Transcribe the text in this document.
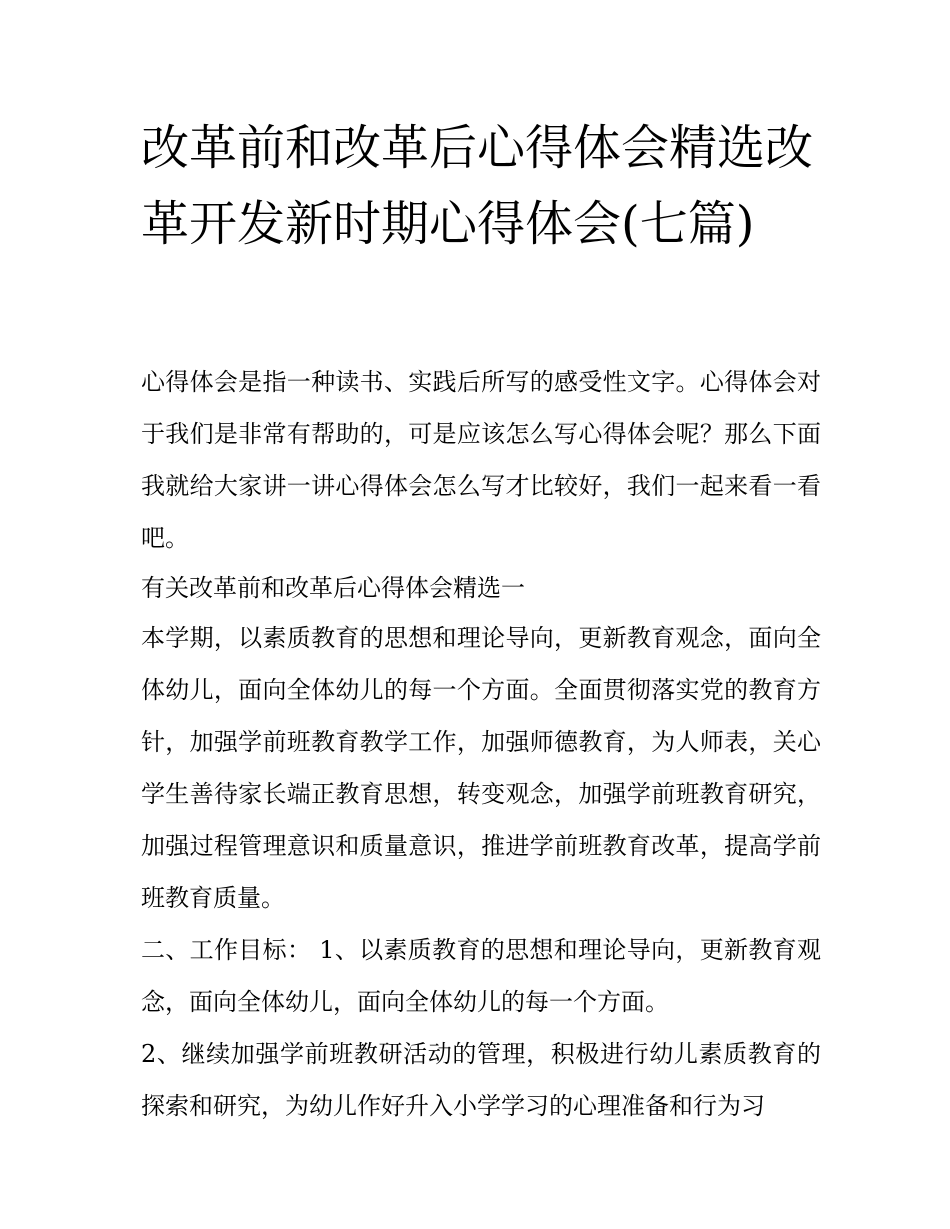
改革前和改革后心得体会精选改革开发新时期心得体会(七篇)

心得体会是指一种读书、实践后所写的感受性文字。心得体会对于我们是非常有帮助的，可是应该怎么写心得体会呢？那么下面我就给大家讲一讲心得体会怎么写才比较好，我们一起来看一看吧。

有关改革前和改革后心得体会精选一

本学期，以素质教育的思想和理论导向，更新教育观念，面向全体幼儿，面向全体幼儿的每一个方面。全面贯彻落实党的教育方针，加强学前班教育教学工作，加强师德教育，为人师表，关心学生善待家长端正教育思想，转变观念，加强学前班教育研究，加强过程管理意识和质量意识，推进学前班教育改革，提高学前班教育质量。

二、工作目标： 1、以素质教育的思想和理论导向，更新教育观念，面向全体幼儿，面向全体幼儿的每一个方面。

2、继续加强学前班教研活动的管理，积极进行幼儿素质教育的探索和研究，为幼儿作好升入小学学习的心理准备和行为习
